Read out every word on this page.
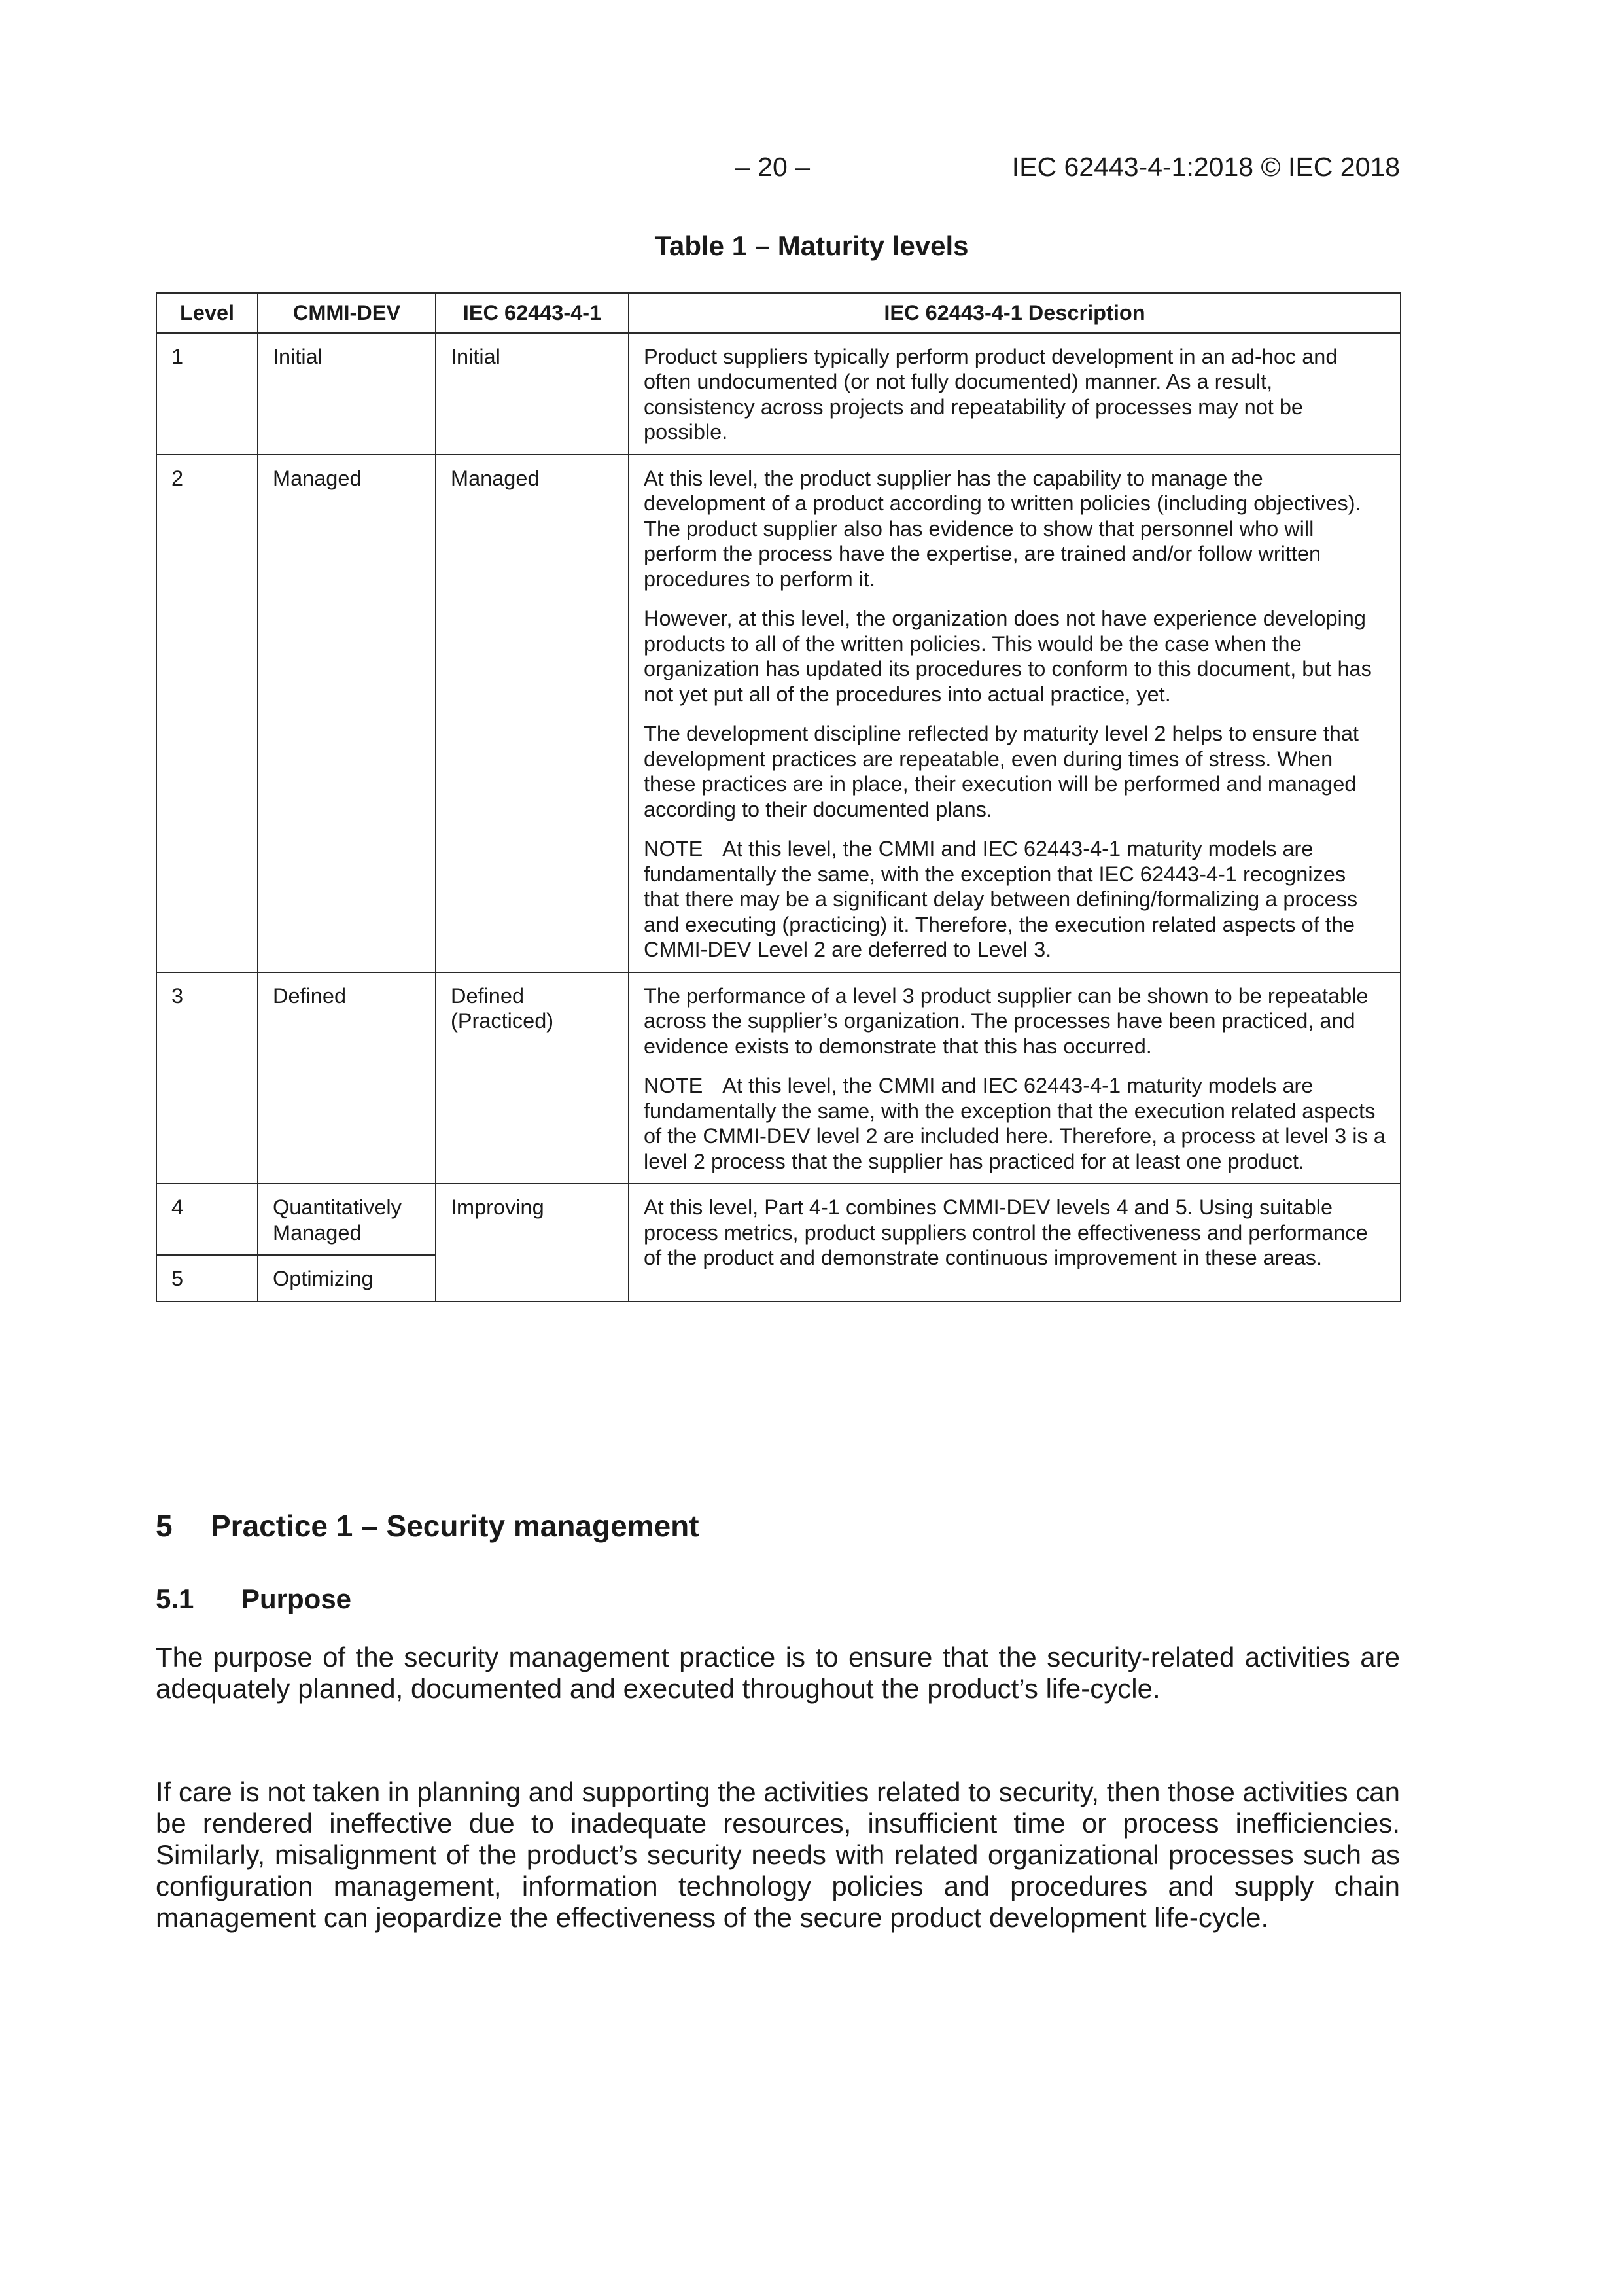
– 20 –	IEC 62443-4-1:2018 © IEC 2018
Table 1 – Maturity levels
Level	CMMI-DEV	IEC 62443-4-1	IEC 62443-4-1 Description
1	Initial	Initial	Product suppliers typically perform product development in an ad-hoc and often undocumented (or not fully documented) manner. As a result, consistency across projects and repeatability of processes may not be possible.

2	Managed	Managed	At this level, the product supplier has the capability to manage the development of a product according to written policies (including objectives). The product supplier also has evidence to show that personnel who will perform the process have the expertise, are trained and/or follow written procedures to perform it.

However, at this level, the organization does not have experience developing products to all of the written policies. This would be the case when the organization has updated its procedures to conform to this document, but has not yet put all of the procedures into actual practice, yet.

The development discipline reflected by maturity level 2 helps to ensure that development practices are repeatable, even during times of stress. When these practices are in place, their execution will be performed and managed according to their documented plans.

NOTE At this level, the CMMI and IEC 62443-4-1 maturity models are fundamentally the same, with the exception that IEC 62443-4-1 recognizes that there may be a significant delay between defining/formalizing a process and executing (practicing) it. Therefore, the execution related aspects of the CMMI-DEV Level 2 are deferred to Level 3.

3	Defined	Defined (Practiced)	The performance of a level 3 product supplier can be shown to be repeatable across the supplier’s organization. The processes have been practiced, and evidence exists to demonstrate that this has occurred.

NOTE At this level, the CMMI and IEC 62443-4-1 maturity models are fundamentally the same, with the exception that the execution related aspects of the CMMI-DEV level 2 are included here. Therefore, a process at level 3 is a level 2 process that the supplier has practiced for at least one product.

4	Quantitatively Managed	Improving	At this level, Part 4-1 combines CMMI-DEV levels 4 and 5. Using suitable process metrics, product suppliers control the effectiveness and performance of the product and demonstrate continuous improvement in these areas.

5	Optimizing		
5 Practice 1 – Security management
5.1 Purpose

The purpose of the security management practice is to ensure that the security-related activities are adequately planned, documented and executed throughout the product’s life-cycle.

If care is not taken in planning and supporting the activities related to security, then those activities can be rendered ineffective due to inadequate resources, insufficient time or process inefficiencies. Similarly, misalignment of the product’s security needs with related organizational processes such as configuration management, information technology policies and procedures and supply chain management can jeopardize the effectiveness of the secure product development life-cycle.
